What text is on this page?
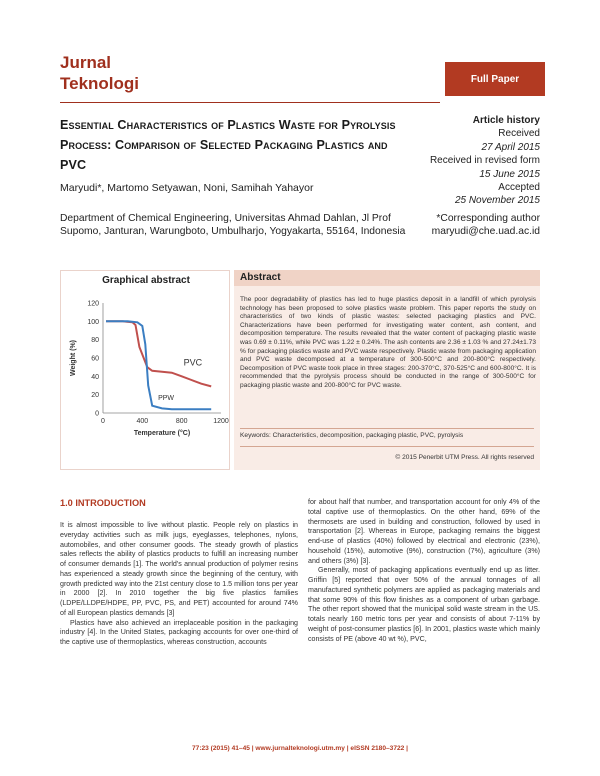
Jurnal
Teknologi	Full Paper
Essential Characteristics of Plastics Waste for Pyrolysis Process: Comparison of Selected Packaging Plastics and PVC
Maryudi*, Martomo Setyawan, Noni, Samihah Yahayor
Department of Chemical Engineering, Universitas Ahmad Dahlan, Jl Prof Supomo, Janturan, Warungboto, Umbulharjo, Yogyakarta, 55164, Indonesia
Article history
Received
27 April 2015
Received in revised form
15 June 2015
Accepted
25 November 2015
*Corresponding author
maryudi@che.uad.ac.id
Graphical abstract
0
20
40
60
80
100
120
0	400	800	1200
Temperature (°C)
Weight (%)	PVC
PPW
Abstract
The poor degradability of plastics has led to huge plastics deposit in a landfill of which pyrolysis technology has been proposed to solve plastics waste problem. This paper reports the study on characteristics of two kinds of plastic wastes: selected packaging plastics and PVC. Characterizations have been performed for investigating water content, ash content, and decomposition temperature. The results revealed that the water content of packaging plastic waste was 0.69 ± 0.11%, while PVC was 1.22 ± 0.24%. The ash contents are 2.36 ± 1.03 % and 27.24±1.73 % for packaging plastics waste and PVC waste respectively. Plastic waste from packaging application and PVC waste decomposed at a temperature of 300-500°C and 200-800°C respectively. Decomposition of PVC waste took place in three stages: 200-370°C, 370-525°C and 600-800°C. It is recommended that the pyrolysis process should be conducted in the range of 300-500°C for packaging plastic waste and 200-800°C for PVC waste.
Keywords: Characteristics, decomposition, packaging plastic, PVC, pyrolysis
© 2015 Penerbit UTM Press. All rights reserved
1.0 INTRODUCTION

It is almost impossible to live without plastic. People rely on plastics in everyday activities such as milk jugs, eyeglasses, telephones, nylons, automobiles, and other consumer goods. The steady growth of plastics sales reflects the ability of plastics products to fulfill an increasing number of consumer demands [1]. The world's annual production of polymer resins has experienced a steady growth since the beginning of the century, with growth predicted way into the 21st century close to 1.5 million tons per year in 2000 [2]. In 2010 together the big five plastics families (LDPE/LLDPE/HDPE, PP, PVC, PS, and PET) accounted for around 74% of all European plastics demands [3]

Plastics have also achieved an irreplaceable position in the packaging industry [4]. In the United States, packaging accounts for over one-third of the captive use of thermoplastics, whereas construction, accounts

for about half that number, and transportation account for only 4% of the total captive use of thermoplastics. On the other hand, 69% of the thermosets are used in building and construction, followed by used in transportation [2]. Whereas in Europe, packaging remains the biggest end-use of plastics (40%) followed by electrical and electronic (23%), household (15%), automotive (9%), construction (7%), agriculture (3%) and others (3%) [3].

Generally, most of packaging applications eventually end up as litter. Griffin [5] reported that over 50% of the annual tonnages of all manufactured synthetic polymers are applied as packaging materials and that some 90% of this flow finishes as a component of urban garbage. The other report showed that the municipal solid waste stream in the US. totals nearly 160 metric tons per year and consists of about 7-11% by weight of post-consumer plastics [6]. In 2001, plastics waste which mainly consists of PE (above 40 wt %), PVC,

77:23 (2015) 41–45 | www.jurnalteknologi.utm.my | eISSN 2180–3722 |
